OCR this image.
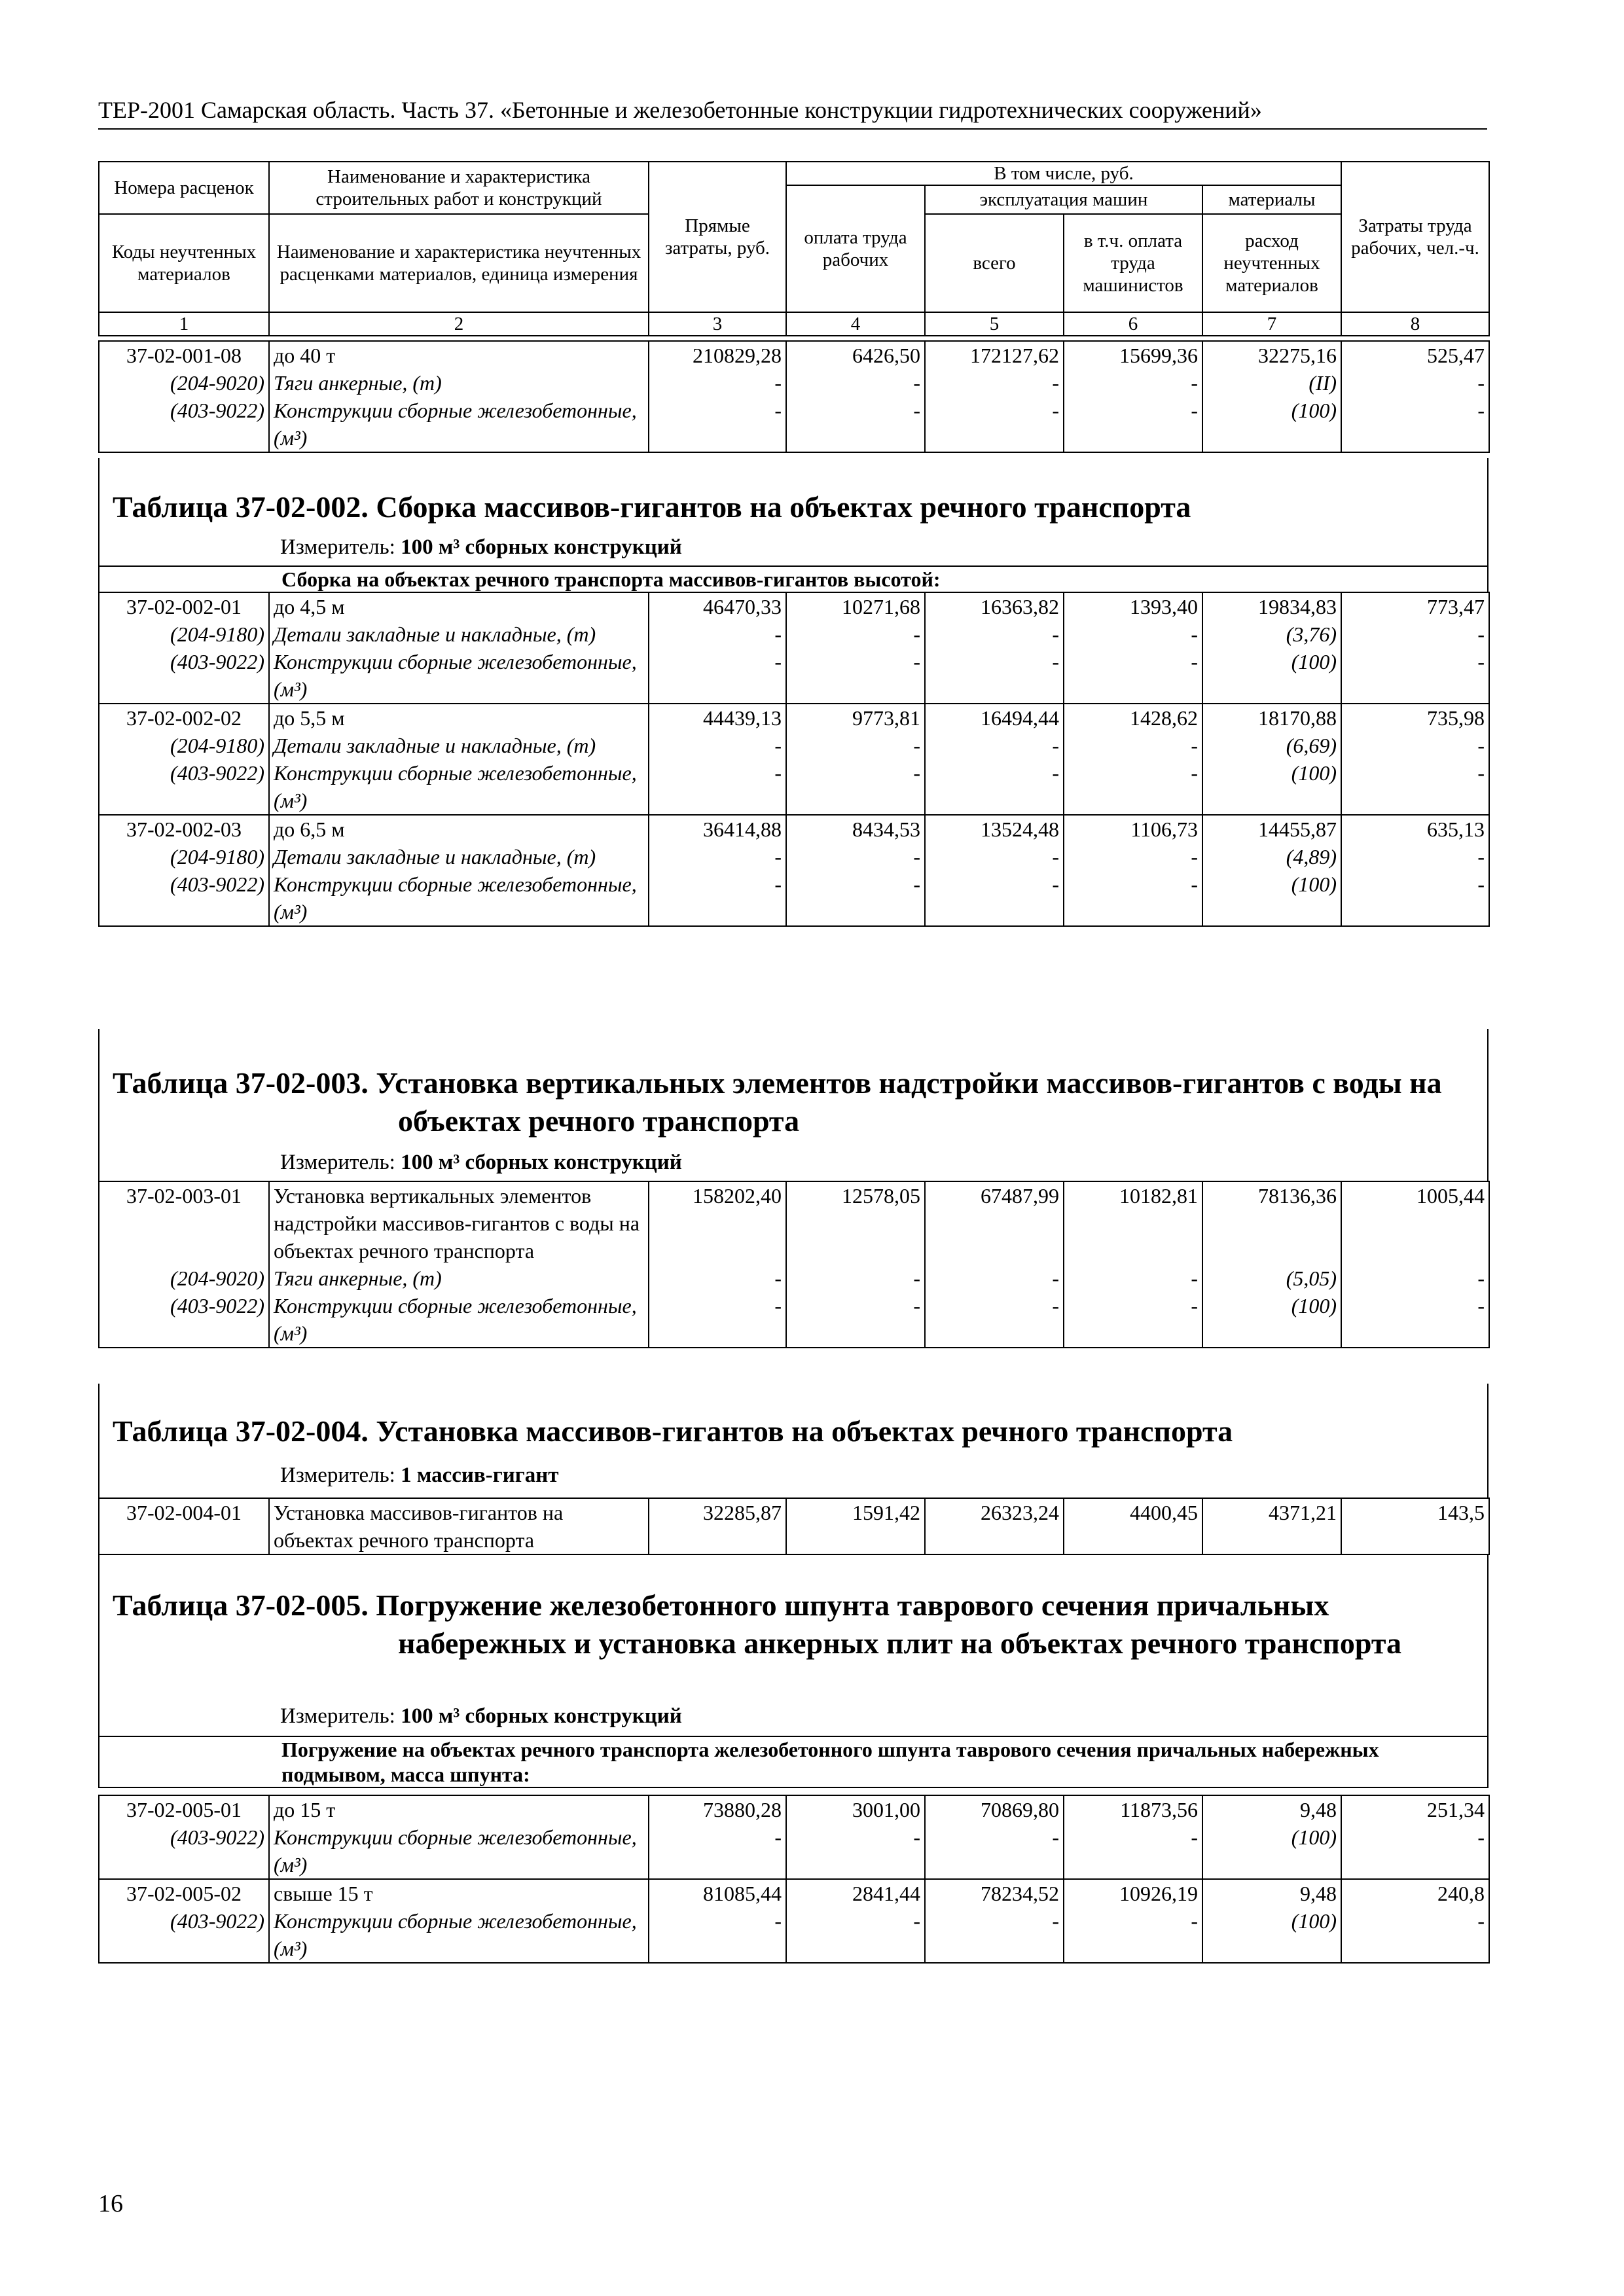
ТЕР-2001 Самарская область. Часть 37. «Бетонные и железобетонные конструкции гидротехнических сооружений»
Номера расценок	Наименование и характеристика строительных работ и конструкций	Прямые затраты, руб.	В том числе, руб.				Затраты труда рабочих, чел.-ч.
			оплата труда рабочих	эксплуатация машин		материалы	
Коды неучтенных материалов	Наименование и характеристика неучтенных расценками материалов, единица измерения			всего	в т.ч. оплата труда машинистов	расход неучтенных материалов	

1	2	3	4	5	6	7	8
37-02-001-08	до 40 т	210829,28	6426,50	172127,62	15699,36	32275,16	525,47
(204-9020)	Тяги анкерные, (т)	-	-	-	-	(II)	-
(403-9022)	Конструкции сборные железобетонные, (м³)	-	-	-	-	(100)	-
Таблица 37-02-002. Сборка массивов-гигантов на объектах речного транспорта
Измеритель: 100 м³ сборных конструкций
Сборка на объектах речного транспорта массивов-гигантов высотой:
37-02-002-01	до 4,5 м	46470,33	10271,68	16363,82	1393,40	19834,83	773,47
(204-9180)	Детали закладные и накладные, (т)	-	-	-	-	(3,76)	-
(403-9022)	Конструкции сборные железобетонные, (м³)	-	-	-	-	(100)	-
37-02-002-02	до 5,5 м	44439,13	9773,81	16494,44	1428,62	18170,88	735,98
(204-9180)	Детали закладные и накладные, (т)	-	-	-	-	(6,69)	-
(403-9022)	Конструкции сборные железобетонные, (м³)	-	-	-	-	(100)	-
37-02-002-03	до 6,5 м	36414,88	8434,53	13524,48	1106,73	14455,87	635,13
(204-9180)	Детали закладные и накладные, (т)	-	-	-	-	(4,89)	-
(403-9022)	Конструкции сборные железобетонные, (м³)	-	-	-	-	(100)	-
Таблица 37-02-003. Установка вертикальных элементов надстройки массивов-гигантов с воды на объектах речного транспорта
Измеритель: 100 м³ сборных конструкций
37-02-003-01	Установка вертикальных элементов надстройки массивов-гигантов с воды на объектах речного транспорта	158202,40	12578,05	67487,99	10182,81	78136,36	1005,44
(204-9020)	Тяги анкерные, (т)	-	-	-	-	(5,05)	-
(403-9022)	Конструкции сборные железобетонные, (м³)	-	-	-	-	(100)	-
Таблица 37-02-004. Установка массивов-гигантов на объектах речного транспорта
Измеритель: 1 массив-гигант
37-02-004-01	Установка массивов-гигантов на объектах речного транспорта	32285,87	1591,42	26323,24	4400,45	4371,21	143,5
Таблица 37-02-005. Погружение железобетонного шпунта таврового сечения причальных набережных и установка анкерных плит на объектах речного транспорта
Измеритель: 100 м³ сборных конструкций
Погружение на объектах речного транспорта железобетонного шпунта таврового сечения причальных набережных подмывом, масса шпунта:
37-02-005-01	до 15 т	73880,28	3001,00	70869,80	11873,56	9,48	251,34
(403-9022)	Конструкции сборные железобетонные, (м³)	-	-	-	-	(100)	-
37-02-005-02	свыше 15 т	81085,44	2841,44	78234,52	10926,19	9,48	240,8
(403-9022)	Конструкции сборные железобетонные, (м³)	-	-	-	-	(100)	-
16
